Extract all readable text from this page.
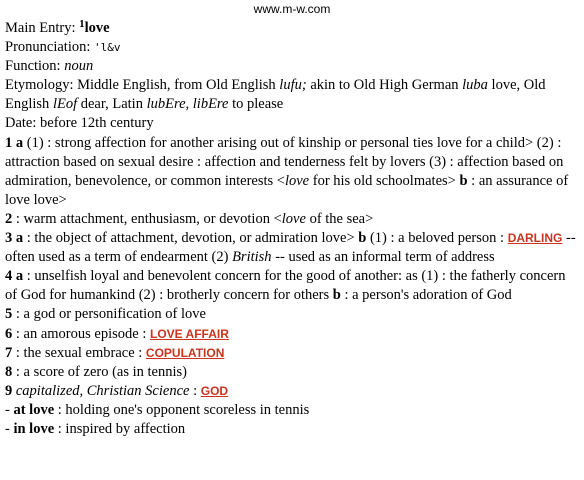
www.m-w.com

Main Entry: $^1$love

Pronunciation: 'l&v

Function: noun

Etymology: Middle English, from Old English lufu; akin to Old High German luba love, Old English lEof dear, Latin lubEre, libEre to please

Date: before 12th century

1 a (1) : strong affection for another arising out of kinship or personal ties love for a child> (2) : attraction based on sexual desire : affection and tenderness felt by lovers (3) : affection based on admiration, benevolence, or common interests <love for his old schoolmates> b : an assurance of love love>

2 : warm attachment, enthusiasm, or devotion <love of the sea>

3 a : the object of attachment, devotion, or admiration love> b (1) : a beloved person : DARLING -- often used as a term of endearment (2) British -- used as an informal term of address

4 a : unselfish loyal and benevolent concern for the good of another: as (1) : the fatherly concern of God for humankind (2) : brotherly concern for others b : a person's adoration of God

5 : a god or personification of love

6 : an amorous episode : LOVE AFFAIR

7 : the sexual embrace : COPULATION

8 : a score of zero (as in tennis)

9 capitalized, Christian Science : GOD

- at love : holding one's opponent scoreless in tennis

- in love : inspired by affection
